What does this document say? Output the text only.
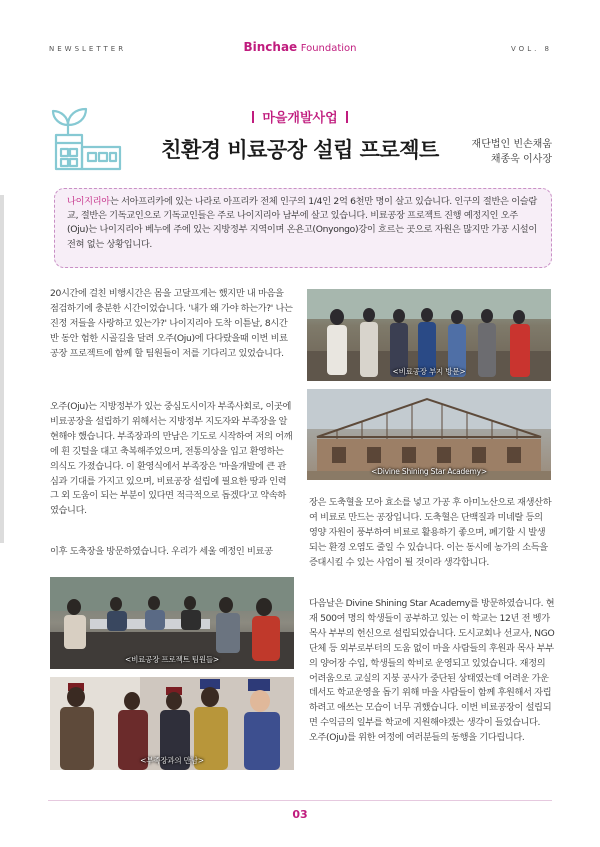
NEWSLETTER	Binchae Foundation	VOL. 8
마을개발사업
친환경 비료공장 설립 프로젝트	재단법인 빈손채움
채종욱 이사장
나이지리아는 서아프리카에 있는 나라로 아프리카 전체 인구의 1/4인 2억 6천만 명이 살고 있습니다. 인구의 절반은 이슬람교, 절반은 기독교인으로 기독교인들은 주로 나이지리아 남부에 살고 있습니다. 비료공장 프로젝트 진행 예정지인 오주(Oju)는 나이지리아 베누에 주에 있는 지방정부 지역이며 온욘고(Onyongo)강이 흐르는 곳으로 자원은 많지만 가공 시설이 전혀 없는 상황입니다.

20시간에 걸친 비행시간은 몸을 고달프게는 했지만 내 마음을 점검하기에 충분한 시간이었습니다. '내가 왜 가야 하는가?' 나는 진정 저들을 사랑하고 있는가?' 나이지리아 도착 이튿날, 8시간 반 동안 험한 시골길을 달려 오주(Oju)에 다다랐을때 이번 비료공장 프로젝트에 함께 할 팀원들이 저를 기다리고 있었습니다.

오주(Oju)는 지방정부가 있는 중심도시이자 부족사회로, 이곳에 비료공장을 설립하기 위해서는 지방정부 지도자와 부족장을 알현해야 했습니다. 부족장과의 만남은 기도로 시작하여 저의 어깨에 흰 깃털을 대고 축복해주었으며, 전통의상을 입고 환영하는 의식도 가졌습니다. 이 환영식에서 부족장은 '마을개발에 큰 관심과 기대를 가지고 있으며, 비료공장 설립에 필요한 땅과 인력 그 외 도움이 되는 부분이 있다면 적극적으로 돕겠다'고 약속하였습니다.

이후 도축장을 방문하였습니다. 우리가 세울 예정인 비료공

장은 도축혈을 모아 효소를 넣고 가공 후 아미노산으로 재생산하여 비료로 만드는 공장입니다. 도축혈은 단백질과 미네랄 등의 영양 자원이 풍부하여 비료로 활용하기 좋으며, 폐기할 시 발생되는 환경 오염도 줄일 수 있습니다. 이는 동시에 농가의 소득을 증대시킬 수 있는 사업이 될 것이라 생각합니다.

다음날은 Divine Shining Star Academy를 방문하였습니다. 현재 500여 명의 학생들이 공부하고 있는 이 학교는 12년 전 벵가 목사 부부의 헌신으로 설립되었습니다. 도시교회나 선교사, NGO 단체 등 외부로부터의 도움 없이 마을 사람들의 후원과 목사 부부의 양어장 수입, 학생들의 학비로 운영되고 있었습니다. 재정의 어려움으로 교실의 지붕 공사가 중단된 상태였는데 어려운 가운데서도 학교운영을 돕기 위해 마을 사람들이 함께 후원해서 자립하려고 애쓰는 모습이 너무 귀했습니다. 이번 비료공장이 설립되면 수익금의 일부를 학교에 지원해야겠는 생각이 들었습니다.

오주(Oju)를 위한 여정에 여러분들의 동행을 기다립니다.

<비료공장 부지 방문>
<Divine Shining Star Academy>
<비료공장 프로젝트 팀원들>
<부족장과의 만남>
03
